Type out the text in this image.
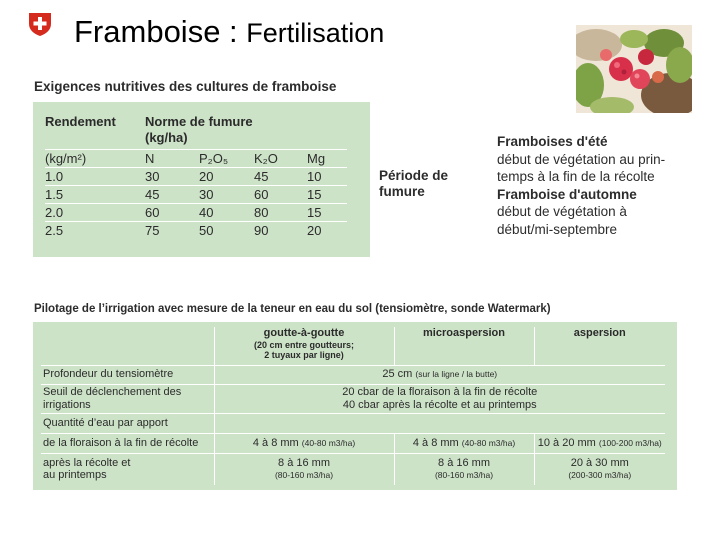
Framboise : Fertilisation
Exigences nutritives des cultures de framboise
Rendement	Norme de fumure
(kg/ha)			
(kg/m²)	N	P₂O₅	K₂O	Mg
1.0	30	20	45	10
1.5	45	30	60	15
2.0	60	40	80	15
2.5	75	50	90	20
Période de
fumure
Framboises d'été
début de végétation au prin-
temps à la fin de la récolte
Framboise d'automne
début de végétation à
début/mi-septembre
Pilotage de l’irrigation avec mesure de la teneur en eau du sol (tensiomètre, sonde Watermark)
	goutte-à-goutte
(20 cm entre goutteurs;
2 tuyaux par ligne)	microaspersion	aspersion
Profondeur du tensiomètre	25 cm (sur la ligne / la butte)		
Seuil de déclenchement des
irrigations	20 cbar de la floraison à la fin de récolte
40 cbar après la récolte et au printemps		
Quantité d’eau par apport			
de la floraison à la fin de récolte	4 à 8 mm (40-80 m3/ha)	4 à 8 mm (40-80 m3/ha)	10 à 20 mm (100-200 m3/ha)
après la récolte et
au printemps	8 à 16 mm
(80-160 m3/ha)	8 à 16 mm
(80-160 m3/ha)	20 à 30 mm
(200-300 m3/ha)
